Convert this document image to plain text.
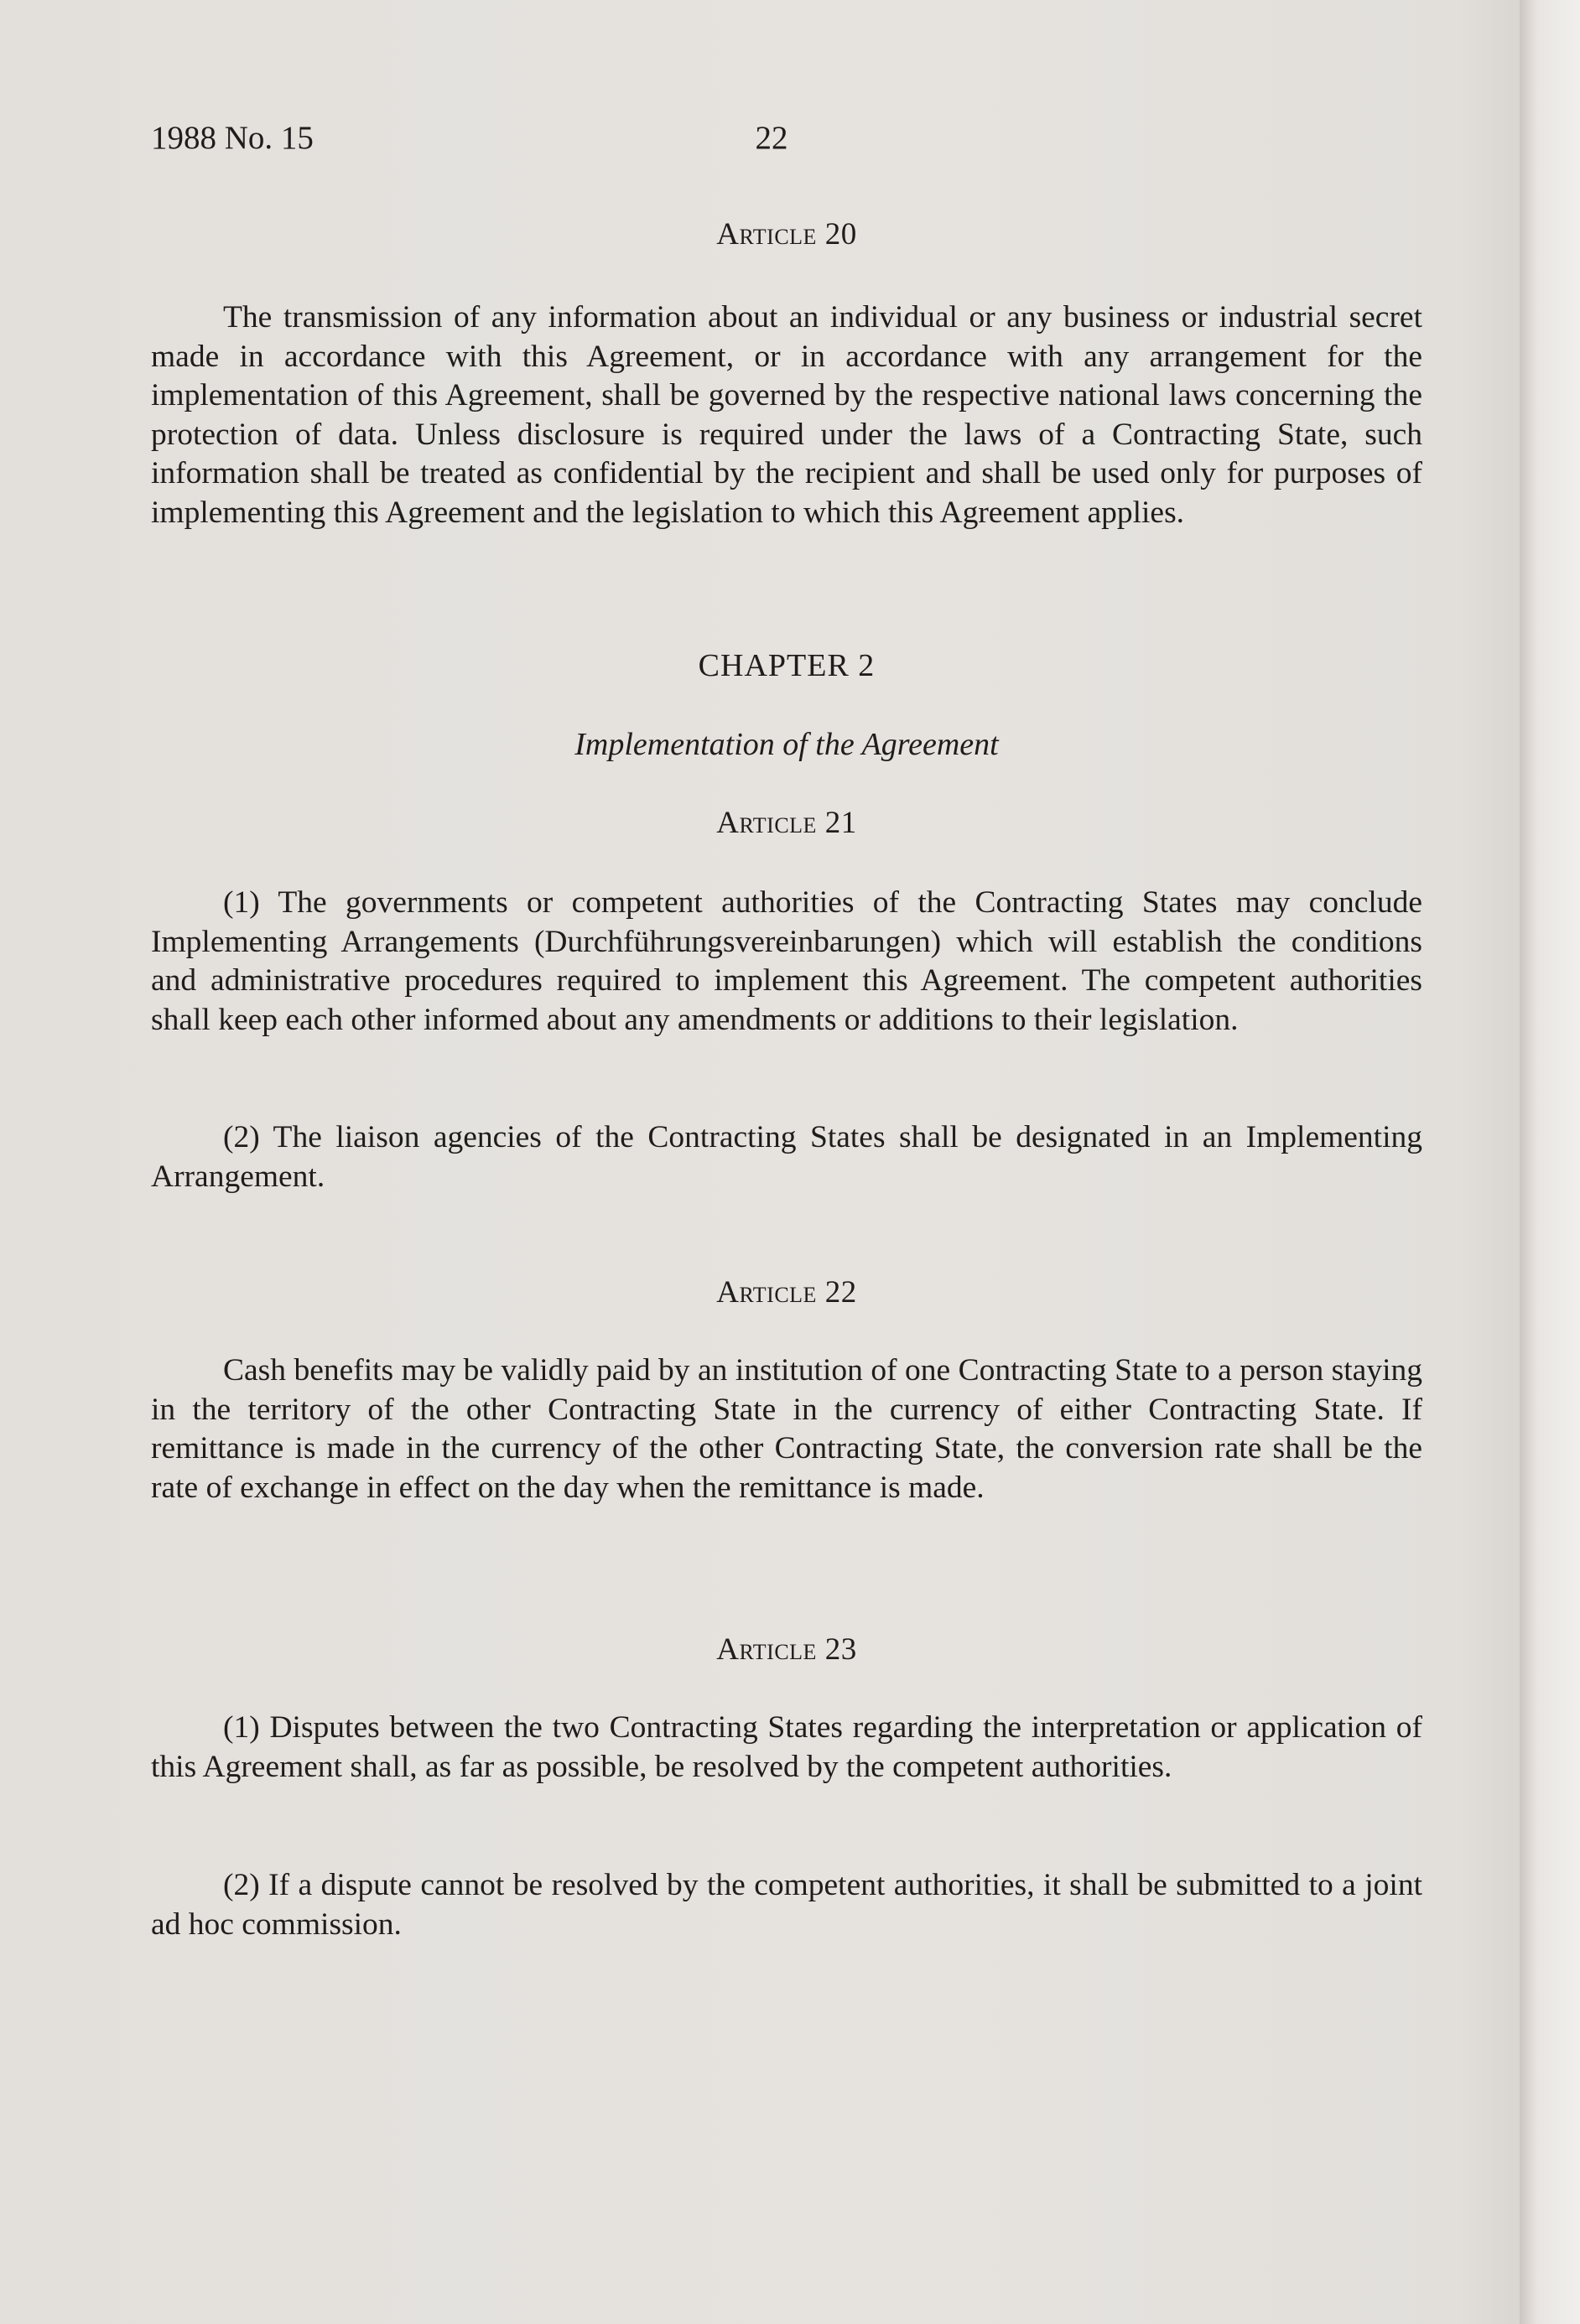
1988 No. 15	22
Article 20

The transmission of any information about an individual or any business or industrial secret made in accordance with this Agreement, or in accordance with any arrangement for the implementation of this Agreement, shall be governed by the respective national laws concerning the protection of data. Unless disclosure is required under the laws of a Contracting State, such information shall be treated as confidential by the recipient and shall be used only for purposes of implementing this Agreement and the legislation to which this Agreement applies.

CHAPTER 2
Implementation of the Agreement
Article 21

(1) The governments or competent authorities of the Contracting States may conclude Implementing Arrangements (Durchführungsvereinbarungen) which will establish the conditions and administrative procedures required to implement this Agreement. The competent authorities shall keep each other informed about any amendments or additions to their legislation.

(2) The liaison agencies of the Contracting States shall be designated in an Implementing Arrangement.

Article 22

Cash benefits may be validly paid by an institution of one Contracting State to a person staying in the territory of the other Contracting State in the currency of either Contracting State. If remittance is made in the currency of the other Contracting State, the conversion rate shall be the rate of exchange in effect on the day when the remittance is made.

Article 23

(1) Disputes between the two Contracting States regarding the interpretation or application of this Agreement shall, as far as possible, be resolved by the competent authorities.

(2) If a dispute cannot be resolved by the competent authorities, it shall be submitted to a joint ad hoc commission.
